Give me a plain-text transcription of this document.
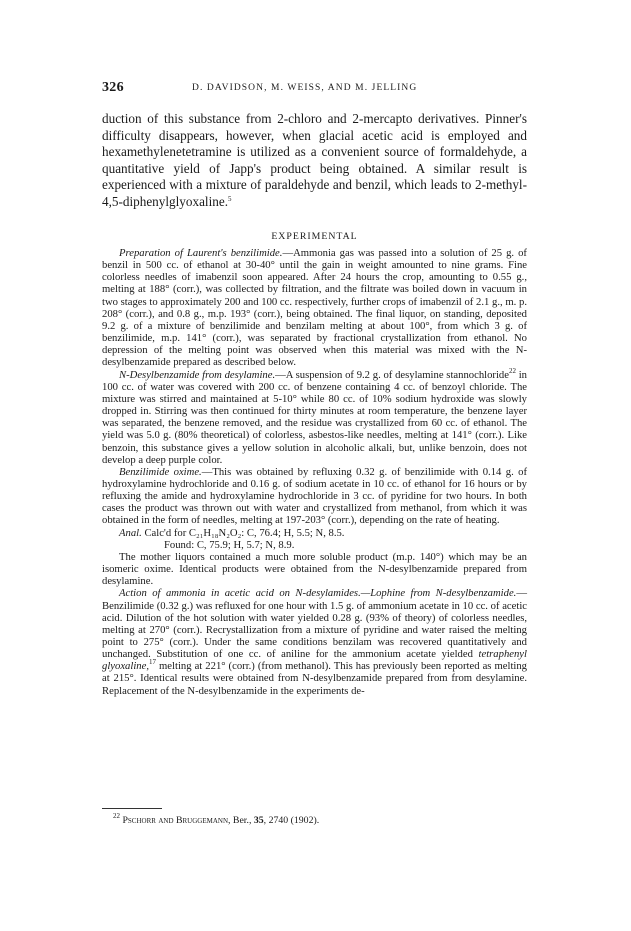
326	D. DAVIDSON, M. WEISS, AND M. JELLING
duction of this substance from 2-chloro and 2-mercapto derivatives. Pinner's difficulty disappears, however, when glacial acetic acid is employed and hexamethylenetetramine is utilized as a convenient source of formaldehyde, a quantitative yield of Japp's product being obtained. A similar result is experienced with a mixture of paraldehyde and benzil, which leads to 2-methyl-4,5-diphenylglyoxaline.$^5$
EXPERIMENTAL

Preparation of Laurent's benzilimide.—Ammonia gas was passed into a solution of 25 g. of benzil in 500 cc. of ethanol at 30-40° until the gain in weight amounted to nine grams. Fine colorless needles of imabenzil soon appeared. After 24 hours the crop, amounting to 0.55 g., melting at 188° (corr.), was collected by filtration, and the filtrate was boiled down in vacuum in two stages to approximately 200 and 100 cc. respectively, further crops of imabenzil of 2.1 g., m. p. 208° (corr.), and 0.8 g., m.p. 193° (corr.), being obtained. The final liquor, on standing, deposited 9.2 g. of a mixture of benzilimide and benzilam melting at about 100°, from which 3 g. of benzilimide, m.p. 141° (corr.), was separated by fractional crystallization from ethanol. No depression of the melting point was observed when this material was mixed with the N-desylbenzamide prepared as described below.

N-Desylbenzamide from desylamine.—A suspension of 9.2 g. of desylamine stannochloride$^{22}$ in 100 cc. of water was covered with 200 cc. of benzene containing 4 cc. of benzoyl chloride. The mixture was stirred and maintained at 5-10° while 80 cc. of 10% sodium hydroxide was slowly dropped in. Stirring was then continued for thirty minutes at room temperature, the benzene layer was separated, the benzene removed, and the residue was crystallized from 60 cc. of ethanol. The yield was 5.0 g. (80% theoretical) of colorless, asbestos-like needles, melting at 141° (corr.). Like benzoin, this substance gives a yellow solution in alcoholic alkali, but, unlike benzoin, does not develop a deep purple color.

Benzilimide oxime.—This was obtained by refluxing 0.32 g. of benzilimide with 0.14 g. of hydroxylamine hydrochloride and 0.16 g. of sodium acetate in 10 cc. of ethanol for 16 hours or by refluxing the amide and hydroxylamine hydrochloride in 3 cc. of pyridine for two hours. In both cases the product was thrown out with water and crystallized from methanol, from which it was obtained in the form of needles, melting at 197-203° (corr.), depending on the rate of heating.

Anal. Calc'd for C₂₁H₁₈N₂O₂: C, 76.4; H, 5.5; N, 8.5.

Found: C, 75.9; H, 5.7; N, 8.9.

The mother liquors contained a much more soluble product (m.p. 140°) which may be an isomeric oxime. Identical products were obtained from the N-desylbenzamide prepared from desylamine.

Action of ammonia in acetic acid on N-desylamides.—Lophine from N-desylbenzamide.—Benzilimide (0.32 g.) was refluxed for one hour with 1.5 g. of ammonium acetate in 10 cc. of acetic acid. Dilution of the hot solution with water yielded 0.28 g. (93% of theory) of colorless needles, melting at 270° (corr.). Recrystallization from a mixture of pyridine and water raised the melting point to 275° (corr.). Under the same conditions benzilam was recovered quantitatively and unchanged. Substitution of one cc. of aniline for the ammonium acetate yielded tetraphenyl glyoxaline,$^{17}$ melting at 221° (corr.) (from methanol). This has previously been reported as melting at 215°. Identical results were obtained from N-desylbenzamide prepared from from desylamine. Replacement of the N-desylbenzamide in the experiments de-

$^{22}$ Pschorr and Bruggemann, Ber., 35, 2740 (1902).
